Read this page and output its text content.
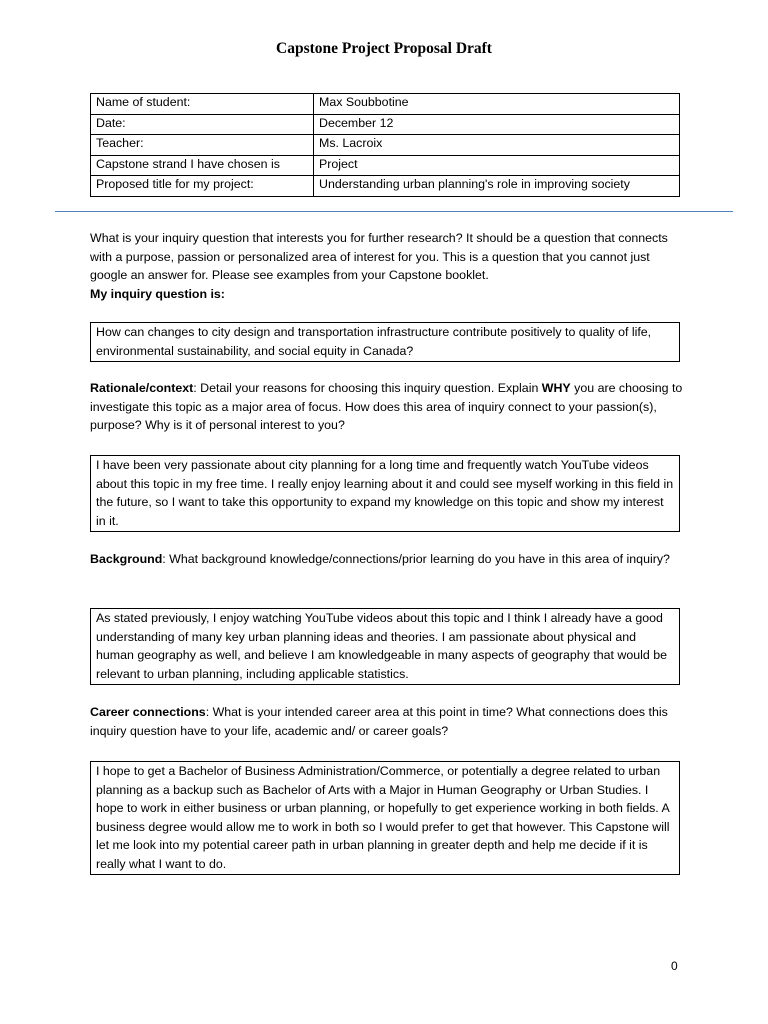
Capstone Project Proposal Draft
Name of student:	Max Soubbotine
Date:	December 12
Teacher:	Ms. Lacroix
Capstone strand I have chosen is	Project
Proposed title for my project:	Understanding urban planning's role in improving society
What is your inquiry question that interests you for further research? It should be a question that connects with a purpose, passion or personalized area of interest for you. This is a question that you cannot just google an answer for. Please see examples from your Capstone booklet.
My inquiry question is:
How can changes to city design and transportation infrastructure contribute positively to quality of life, environmental sustainability, and social equity in Canada?
Rationale/context: Detail your reasons for choosing this inquiry question. Explain WHY you are choosing to investigate this topic as a major area of focus. How does this area of inquiry connect to your passion(s), purpose? Why is it of personal interest to you?
I have been very passionate about city planning for a long time and frequently watch YouTube videos about this topic in my free time. I really enjoy learning about it and could see myself working in this field in the future, so I want to take this opportunity to expand my knowledge on this topic and show my interest in it.
Background: What background knowledge/connections/prior learning do you have in this area of inquiry?
As stated previously, I enjoy watching YouTube videos about this topic and I think I already have a good understanding of many key urban planning ideas and theories. I am passionate about physical and human geography as well, and believe I am knowledgeable in many aspects of geography that would be relevant to urban planning, including applicable statistics.
Career connections: What is your intended career area at this point in time? What connections does this inquiry question have to your life, academic and/ or career goals?
I hope to get a Bachelor of Business Administration/Commerce, or potentially a degree related to urban planning as a backup such as Bachelor of Arts with a Major in Human Geography or Urban Studies. I hope to work in either business or urban planning, or hopefully to get experience working in both fields. A business degree would allow me to work in both so I would prefer to get that however. This Capstone will let me look into my potential career path in urban planning in greater depth and help me decide if it is really what I want to do.
0
